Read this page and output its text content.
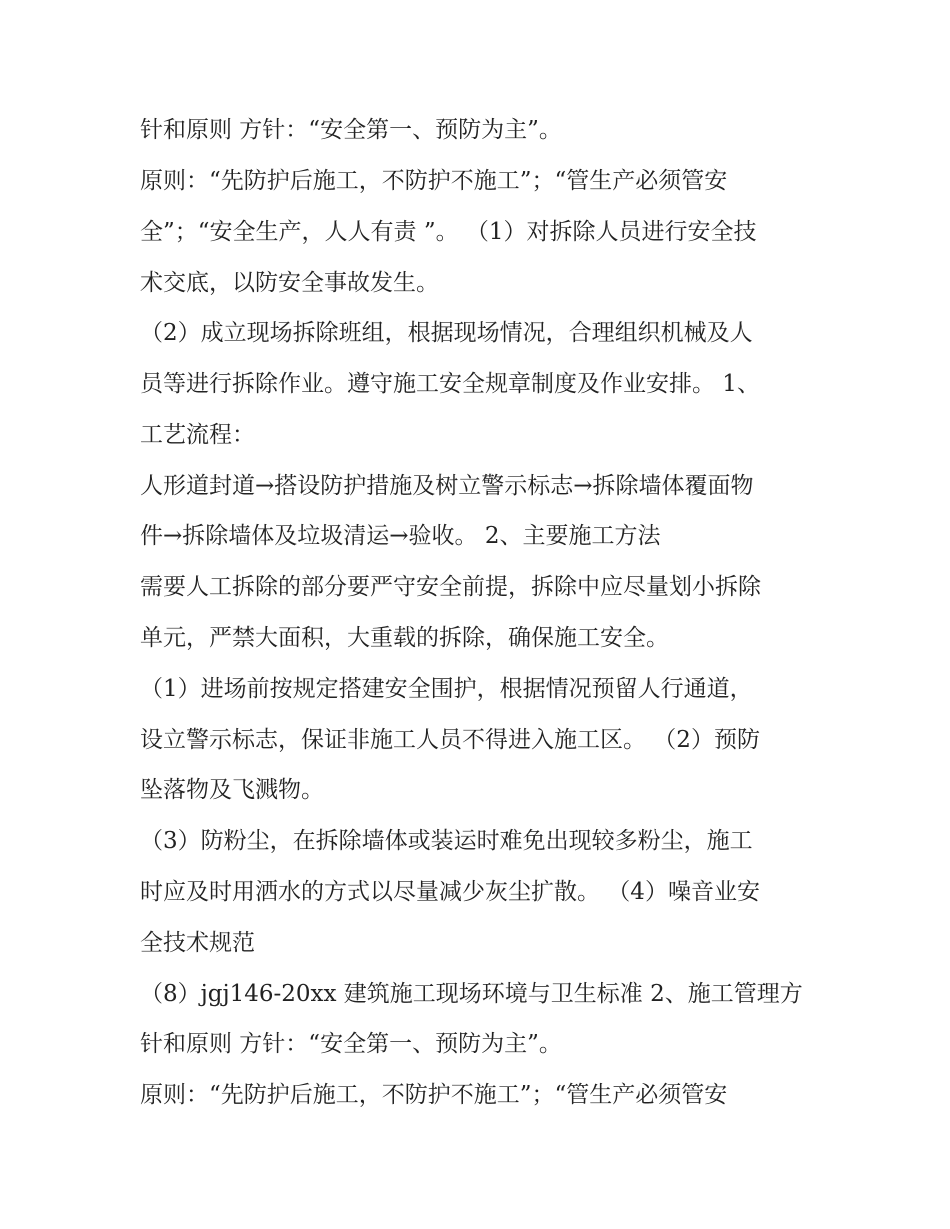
针和原则 方针：“安全第一、预防为主”。
原则：“先防护后施工，不防护不施工”；“管生产必须管安
全”；“安全生产，人人有责 ”。 （1）对拆除人员进行安全技
术交底，以防安全事故发生。
（2）成立现场拆除班组，根据现场情况，合理组织机械及人
员等进行拆除作业。遵守施工安全规章制度及作业安排。 1、
工艺流程：
人形道封道→搭设防护措施及树立警示标志→拆除墙体覆面物
件→拆除墙体及垃圾清运→验收。 2、主要施工方法
需要人工拆除的部分要严守安全前提，拆除中应尽量划小拆除
单元，严禁大面积，大重载的拆除，确保施工安全。
（1）进场前按规定搭建安全围护，根据情况预留人行通道，
设立警示标志，保证非施工人员不得进入施工区。 （2）预防
坠落物及飞溅物。
（3）防粉尘，在拆除墙体或装运时难免出现较多粉尘，施工
时应及时用洒水的方式以尽量减少灰尘扩散。 （4）噪音业安
全技术规范
（8）jgj146-20xx 建筑施工现场环境与卫生标准 2、施工管理方
针和原则 方针：“安全第一、预防为主”。
原则：“先防护后施工，不防护不施工”；“管生产必须管安
